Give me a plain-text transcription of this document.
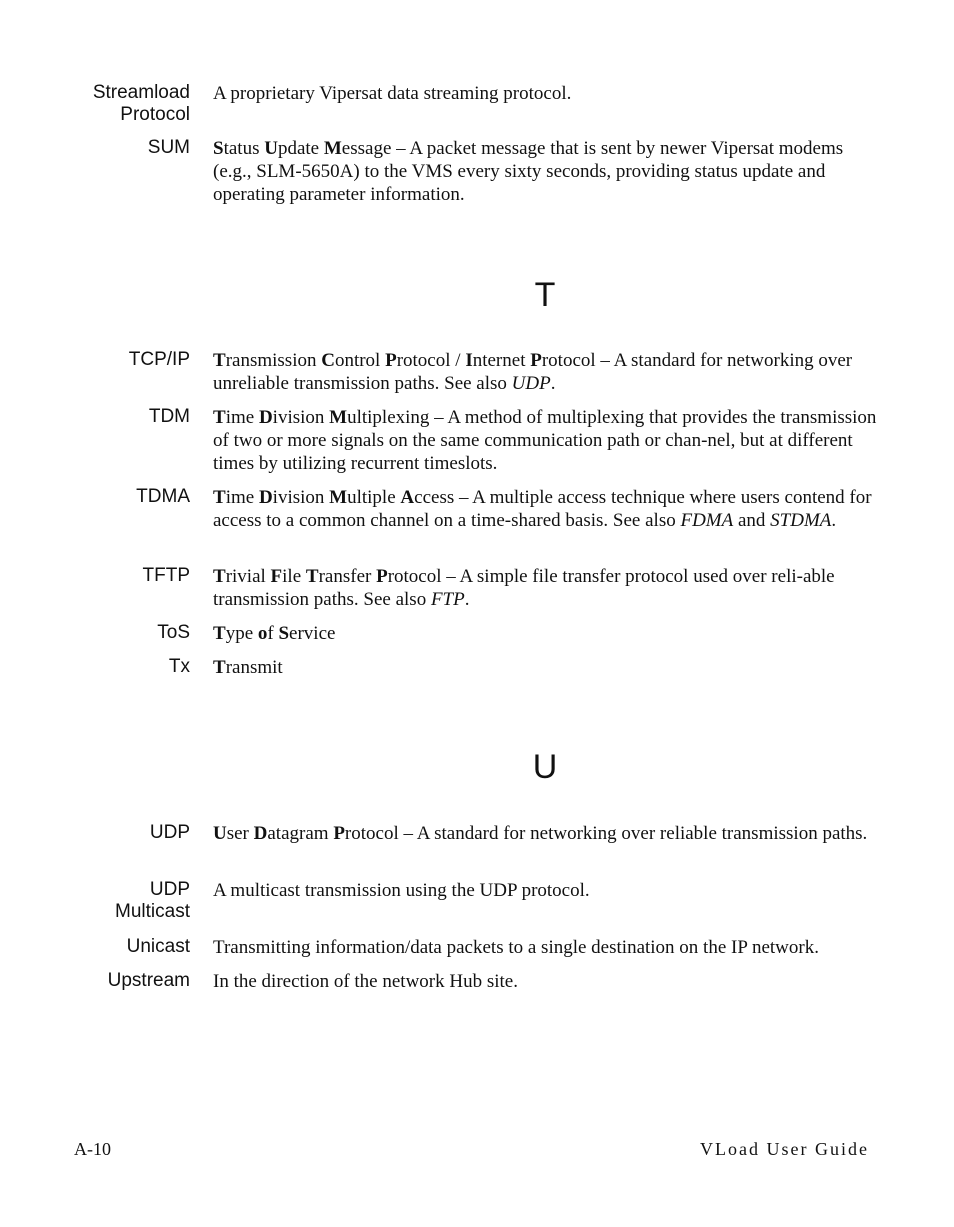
T
U
Streamload
Protocol
A proprietary Vipersat data streaming protocol.
SUM Status Update Message – A packet message that is sent by newer Vipersat modems (e.g., SLM-5650A) to the VMS every sixty seconds, providing status update and operating parameter information.
TCP/IP Transmission Control Protocol / Internet Protocol – A standard for networking over unreliable transmission paths. See also UDP.
TDM Time Division Multiplexing – A method of multiplexing that provides the transmission of two or more signals on the same communication path or chan-nel, but at different times by utilizing recurrent timeslots.
TDMA Time Division Multiple Access – A multiple access technique where users contend for access to a common channel on a time-shared basis. See also FDMA and STDMA.
TFTP Trivial File Transfer Protocol – A simple file transfer protocol used over reli-able transmission paths. See also FTP.
ToS Type of Service
Tx Transmit
UDP User Datagram Protocol – A standard for networking over reliable transmission paths.
UDP
Multicast
A multicast transmission using the UDP protocol.
Unicast Transmitting information/data packets to a single destination on the IP network.
Upstream In the direction of the network Hub site.
A-10	VLoad User Guide
